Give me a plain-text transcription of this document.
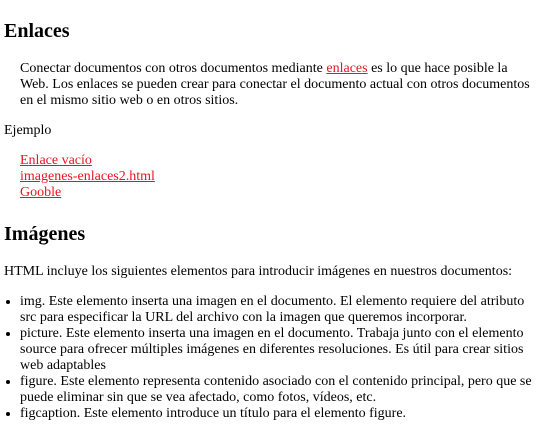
Enlaces

Conectar documentos con otros documentos mediante enlaces es lo que hace posible la Web. Los enlaces se pueden crear para conectar el documento actual con otros documentos en el mismo sitio web o en otros sitios.

Ejemplo

Enlace vacío
imagenes-enlaces2.html
Gooble
Imágenes

HTML incluye los siguientes elementos para introducir imágenes en nuestros documentos:

• img. Este elemento inserta una imagen en el documento. El elemento requiere del atributo src para especificar la URL del archivo con la imagen que queremos incorporar.
• picture. Este elemento inserta una imagen en el documento. Trabaja junto con el elemento source para ofrecer múltiples imágenes en diferentes resoluciones. Es útil para crear sitios web adaptables
• figure. Este elemento representa contenido asociado con el contenido principal, pero que se puede eliminar sin que se vea afectado, como fotos, vídeos, etc.
• figcaption. Este elemento introduce un título para el elemento figure.
